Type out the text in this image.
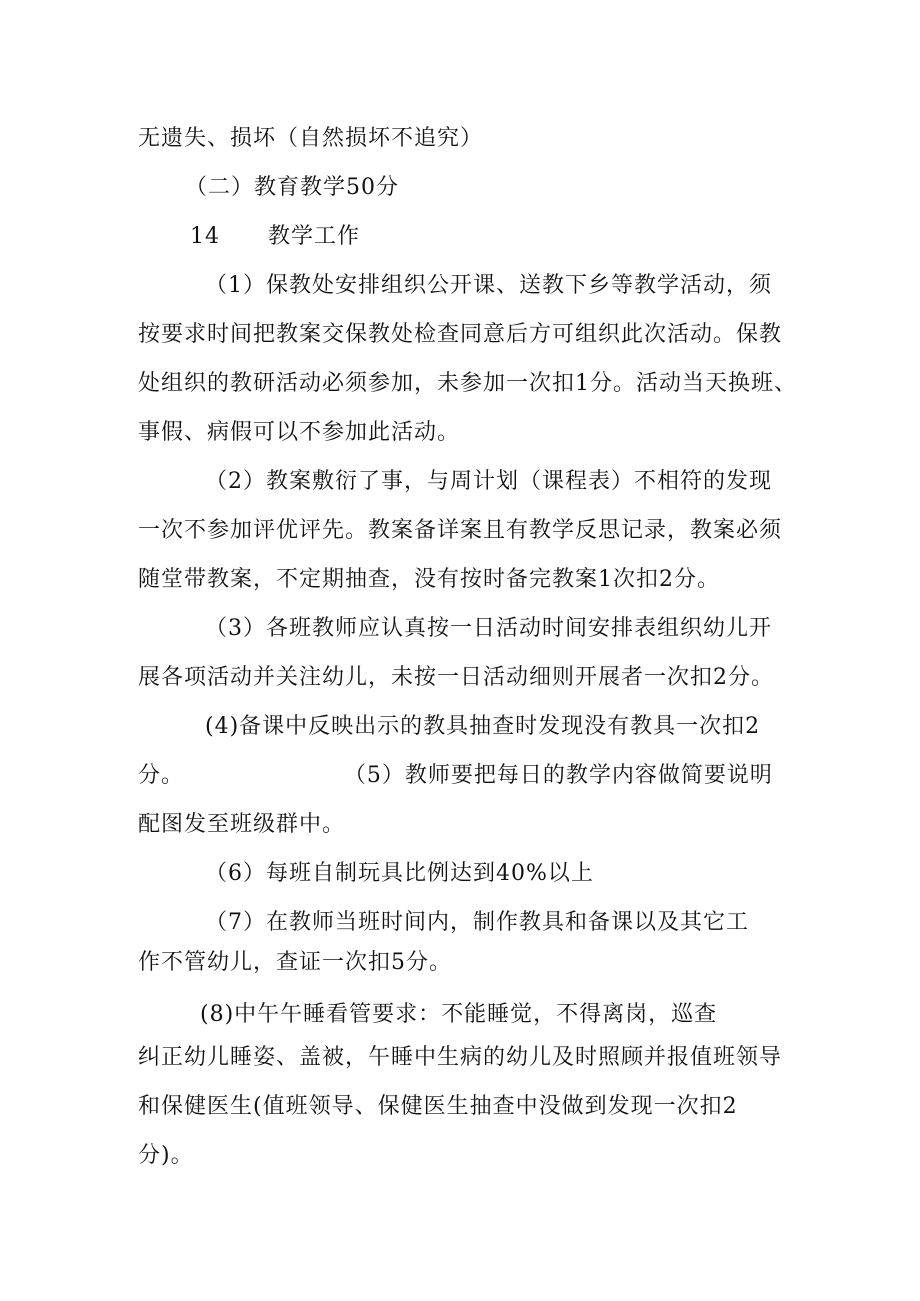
无遗失、损坏（自然损坏不追究）
（二）教育教学50分
14      教学工作
（1）保教处安排组织公开课、送教下乡等教学活动，须
按要求时间把教案交保教处检查同意后方可组织此次活动。保教
处组织的教研活动必须参加，未参加一次扣1分。活动当天换班、
事假、病假可以不参加此活动。
（2）教案敷衍了事，与周计划（课程表）不相符的发现
一次不参加评优评先。教案备详案且有教学反思记录，教案必须
随堂带教案，不定期抽查，没有按时备完教案1次扣2分。
（3）各班教师应认真按一日活动时间安排表组织幼儿开
展各项活动并关注幼儿，未按一日活动细则开展者一次扣2分。
(4)备课中反映出示的教具抽查时发现没有教具一次扣2
分。                    （5）教师要把每日的教学内容做简要说明
配图发至班级群中。
（6）每班自制玩具比例达到40%以上
（7）在教师当班时间内，制作教具和备课以及其它工
作不管幼儿，查证一次扣5分。
(8)中午午睡看管要求：不能睡觉，不得离岗，巡查
纠正幼儿睡姿、盖被，午睡中生病的幼儿及时照顾并报值班领导
和保健医生(值班领导、保健医生抽查中没做到发现一次扣2
分)。
